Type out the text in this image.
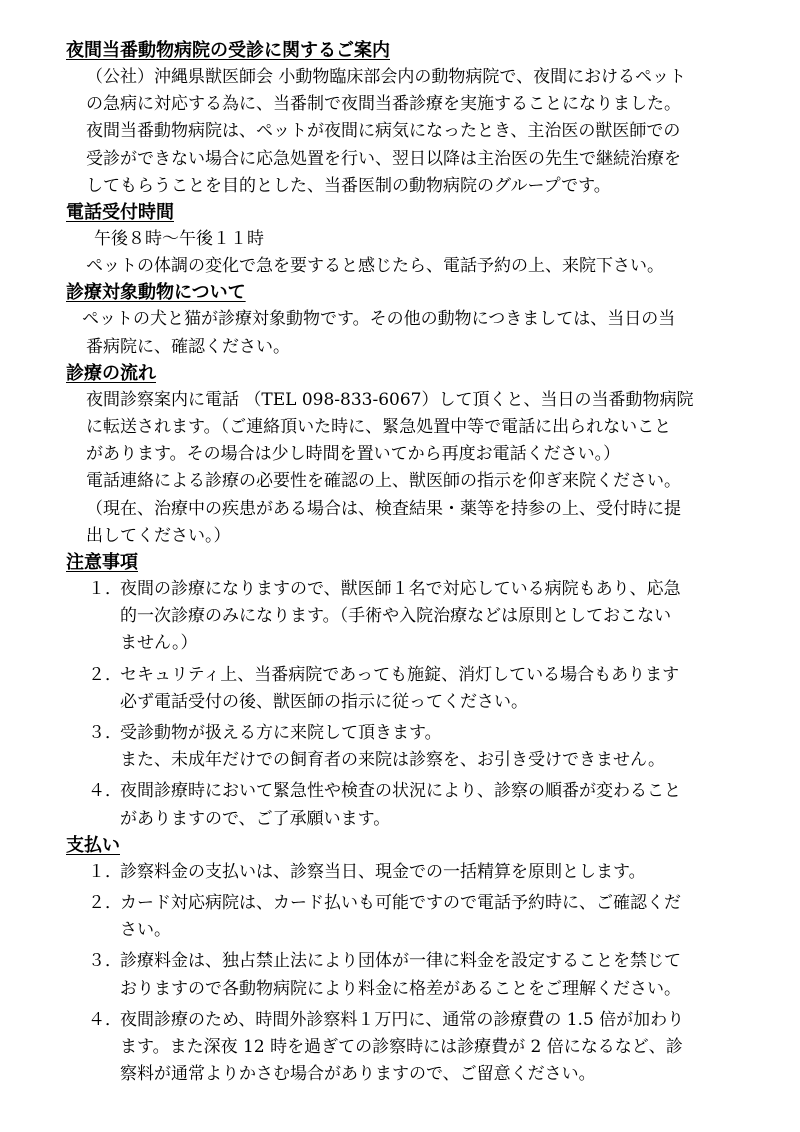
夜間当番動物病院の受診に関するご案内
（公社）沖縄県獣医師会 小動物臨床部会内の動物病院で、夜間におけるペット
の急病に対応する為に、当番制で夜間当番診療を実施することになりました。
夜間当番動物病院は、ペットが夜間に病気になったとき、主治医の獣医師での
受診ができない場合に応急処置を行い、翌日以降は主治医の先生で継続治療を
してもらうことを目的とした、当番医制の動物病院のグループです。
電話受付時間
午後８時～午後１１時
ペットの体調の変化で急を要すると感じたら、電話予約の上、来院下さい。
診療対象動物について
ペットの犬と猫が診療対象動物です。その他の動物につきましては、当日の当
番病院に、確認ください。
診療の流れ
夜間診察案内に電話 （TEL 098-833-6067）して頂くと、当日の当番動物病院
に転送されます。（ご連絡頂いた時に、緊急処置中等で電話に出られないこと
があります。その場合は少し時間を置いてから再度お電話ください。）
電話連絡による診療の必要性を確認の上、獣医師の指示を仰ぎ来院ください。
（現在、治療中の疾患がある場合は、検査結果・薬等を持参の上、受付時に提
出してください。）
注意事項
１．
夜間の診療になりますので、獣医師１名で対応している病院もあり、応急
的一次診療のみになります。（手術や入院治療などは原則としておこない
ません。）
２．
セキュリティ上、当番病院であっても施錠、消灯している場合もあります
必ず電話受付の後、獣医師の指示に従ってください。
３．
受診動物が扱える方に来院して頂きます。
また、未成年だけでの飼育者の来院は診察を、お引き受けできません。
４．
夜間診療時において緊急性や検査の状況により、診察の順番が変わること
がありますので、ご了承願います。
支払い
１．
診察料金の支払いは、診察当日、現金での一括精算を原則とします。
２．
カード対応病院は、カード払いも可能ですので電話予約時に、ご確認くだ
さい。
３．
診療料金は、独占禁止法により団体が一律に料金を設定することを禁じて
おりますので各動物病院により料金に格差があることをご理解ください。
４．
夜間診療のため、時間外診察料１万円に、通常の診療費の 1.5 倍が加わり
ます。また深夜 12 時を過ぎての診察時には診療費が 2 倍になるなど、診
察料が通常よりかさむ場合がありますので、ご留意ください。
